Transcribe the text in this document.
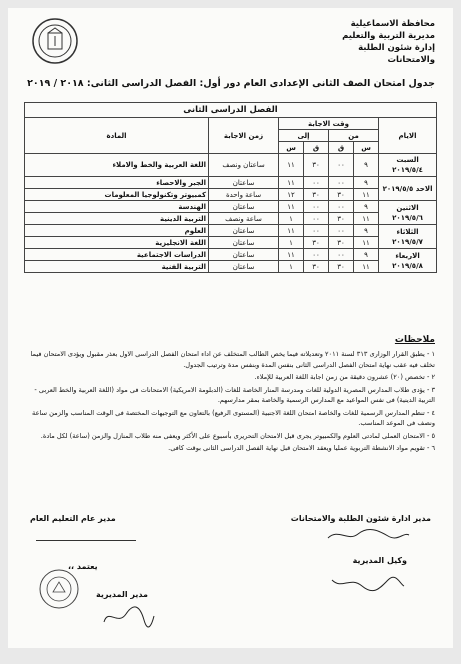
محافظة الاسماعيلية
مديرية التربية والتعليم
إدارة شئون الطلبة والامتحانات
جدول امتحان الصف الثانى الإعدادى العام دور أول: الفصل الدراسى الثانى: ٢٠١٨ / ٢٠١٩
الفصل الدراسى الثانى						
الايام	وقت الاجابة				زمن الاجابة	المادة
	من		إلى			
	س	ق	ق	س		
السبت ٢٠١٩/٥/٤	٩	٠٠	٣٠	١١	ساعتان ونصف	اللغة العربية والخط والاملاء
الاحد ٢٠١٩/٥/٥	٩	٠٠	٠٠	١١	ساعتان	الجبر والاحصاء
	١١	٣٠	٣٠	١٢	ساعة واحدة	كمبيوتر وتكنولوجيا المعلومات
الاثنين ٢٠١٩/٥/٦	٩	٠٠	٠٠	١١	ساعتان	الهندسة
	١١	٣٠	٠٠	١	ساعة ونصف	التربية الدينية
الثلاثاء ٢٠١٩/٥/٧	٩	٠٠	٠٠	١١	ساعتان	العلوم
	١١	٣٠	٣٠	١	ساعتان	اللغة الانجليزية
الاربعاء ٢٠١٩/٥/٨	٩	٠٠	٠٠	١١	ساعتان	الدراسات الاجتماعية
	١١	٣٠	٣٠	١	ساعتان	التربية الفنية
ملاحظات
١ - يطبق القرار الوزارى ٣١٣ لسنة ٢٠١١ وتعديلاته فيما يخص الطالب المتخلف عن اداء امتحان الفصل الدراسى الاول بعذر مقبول ويؤدى الامتحان فيما تخلف فيه عقب نهاية امتحان الفصل الدراسى الثانى بنفس المدة وبنفس مدة وترتيب الجدول.
٢ - تخصص (٢٠) عشرون دقيقة من زمن اجابة اللغة العربية للإملاء.
٣ - يؤدى طلاب المدارس المصرية الدولية للغات ومدرسة المنار الخاصة للغات (الدبلومة الامريكية) الامتحانات فى مواد (اللغة العربية والخط العربى - التربية الدينية) فى نفس المواعيد مع المدارس الرسمية والخاصة بمقر مدارسهم.
٤ - تنظم المدارس الرسمية للغات والخاصة امتحان اللغة الاجنبية (المستوى الرفيع) بالتعاون مع التوجيهات المختصة فى الوقت المناسب والزمن ساعة ونصف فى الموعد المناسب.
٥ - الامتحان العملى لمادتى العلوم والكمبيوتر يجرى قبل الامتحان التحريرى بأسبوع على الأكثر ويعفى منه طلاب المنازل والزمن (ساعة) لكل مادة.
٦ - تقويم مواد الانشطة التربوية عمليا ويعقد الامتحان قبل نهاية الفصل الدراسى الثانى بوقت كافى.
مدير ادارة شئون الطلبة والامتحانات
مدير عام التعليم العام
وكيل المديرية
يعتمد ،،
مدير المديرية
